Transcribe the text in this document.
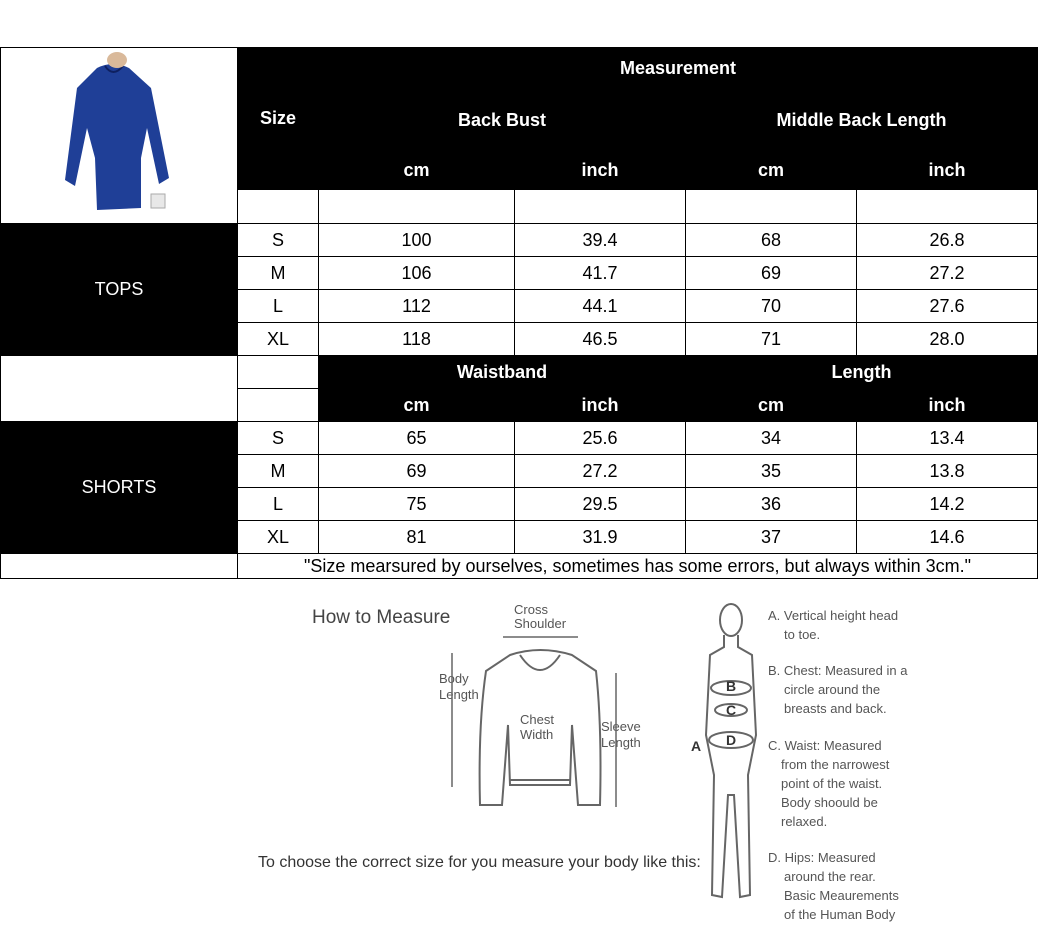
	Size	Measurement			
		Back Bust		Middle Back Length	
		cm	inch	cm	inch

TOPS	S	100	39.4	68	26.8
	M	106	41.7	69	27.2
	L	112	44.1	70	27.6
	XL	118	46.5	71	28.0
		Waistband		Length	
		cm	inch	cm	inch
SHORTS	S	65	25.6	34	13.4
	M	69	27.2	35	13.8
	L	75	29.5	36	14.2
	XL	81	31.9	37	14.6
	"Size mearsured by ourselves, sometimes has some errors, but always within 3cm."				
How to Measure	Cross
Shoulder
Body
Length
Chest
Width
Sleeve
Length
To choose the correct size for you measure your body like this:
A
B
C
D
A. Vertical height head
to toe.
B. Chest: Measured in a
circle around the
breasts and back.
C. Waist: Measured
from the narrowest
point of the waist.
Body shoould be
relaxed.
D. Hips: Measured
around the rear.
Basic Meaurements
of the Human Body
